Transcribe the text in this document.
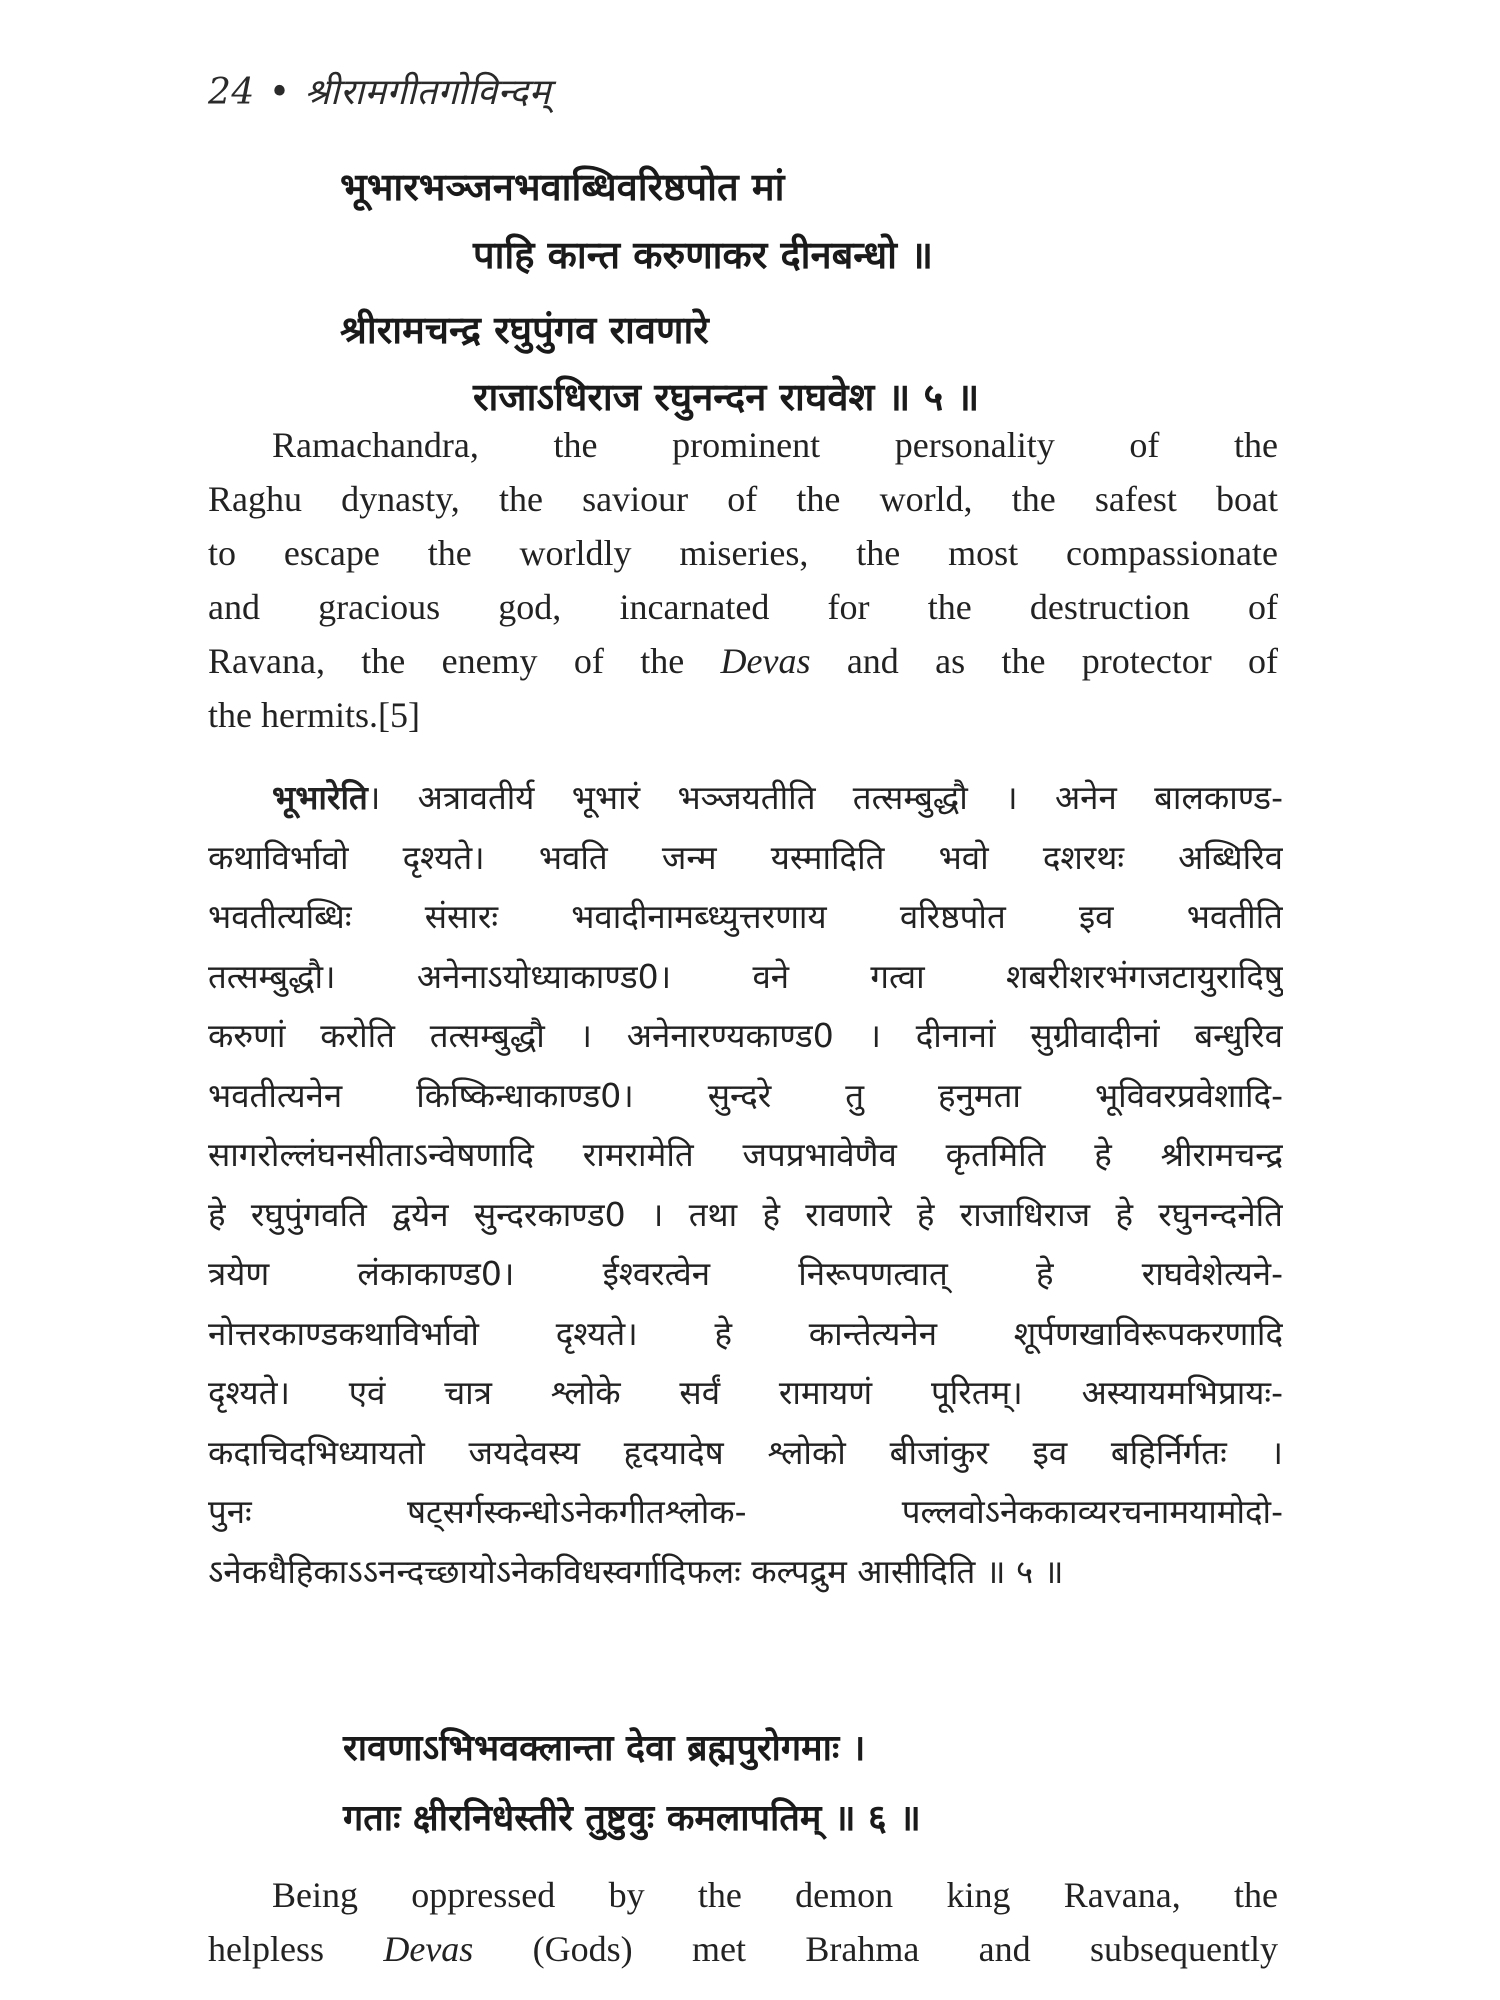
24 • श्रीरामगीतगोविन्दम्
भूभारभञ्जनभवाब्धिवरिष्ठपोत मां
पाहि कान्त करुणाकर दीनबन्धो ॥
श्रीरामचन्द्र रघुपुंगव रावणारे
राजाऽधिराज रघुनन्दन राघवेश ॥ ५ ॥
Ramachandra, the prominent personality of the
Raghu dynasty, the saviour of the world, the safest boat
to escape the worldly miseries, the most compassionate
and gracious god, incarnated for the destruction of
Ravana, the enemy of the Devas and as the protector of
the hermits.[5]
भूभारेति। अत्रावतीर्य भूभारं भञ्जयतीति तत्सम्बुद्धौ । अनेन बालकाण्ड-
कथाविर्भावो दृश्यते। भवति जन्म यस्मादिति भवो दशरथः अब्धिरिव
भवतीत्यब्धिः संसारः भवादीनामब्ध्युत्तरणाय वरिष्ठपोत इव भवतीति
तत्सम्बुद्धौ। अनेनाऽयोध्याकाण्ड0। वने गत्वा शबरीशरभंगजटायुरादिषु
करुणां करोति तत्सम्बुद्धौ । अनेनारण्यकाण्ड0 । दीनानां सुग्रीवादीनां बन्धुरिव
भवतीत्यनेन किष्किन्धाकाण्ड0। सुन्दरे तु हनुमता भूविवरप्रवेशादि-
सागरोल्लंघनसीताऽन्वेषणादि रामरामेति जपप्रभावेणैव कृतमिति हे श्रीरामचन्द्र
हे रघुपुंगवति द्वयेन सुन्दरकाण्ड0 । तथा हे रावणारे हे राजाधिराज हे रघुनन्दनेति
त्रयेण लंकाकाण्ड0। ईश्वरत्वेन निरूपणत्वात् हे राघवेशेत्यने-
नोत्तरकाण्डकथाविर्भावो दृश्यते। हे कान्तेत्यनेन शूर्पणखाविरूपकरणादि
दृश्यते। एवं चात्र श्लोके सर्वं रामायणं पूरितम्। अस्यायमभिप्रायः-
कदाचिदभिध्यायतो जयदेवस्य हृदयादेष श्लोको बीजांकुर इव बहिर्निर्गतः ।
पुनः षट्सर्गस्कन्धोऽनेकगीतश्लोक- पल्लवोऽनेककाव्यरचनामयामोदो-
ऽनेकधैहिकाऽऽनन्दच्छायोऽनेकविधस्वर्गादिफलः कल्पद्रुम आसीदिति ॥ ५ ॥
रावणाऽभिभवक्लान्ता देवा ब्रह्मपुरोगमाः ।
गताः क्षीरनिधेस्तीरे तुष्टुवुः कमलापतिम् ॥ ६ ॥
Being oppressed by the demon king Ravana, the
helpless Devas (Gods) met Brahma and subsequently
